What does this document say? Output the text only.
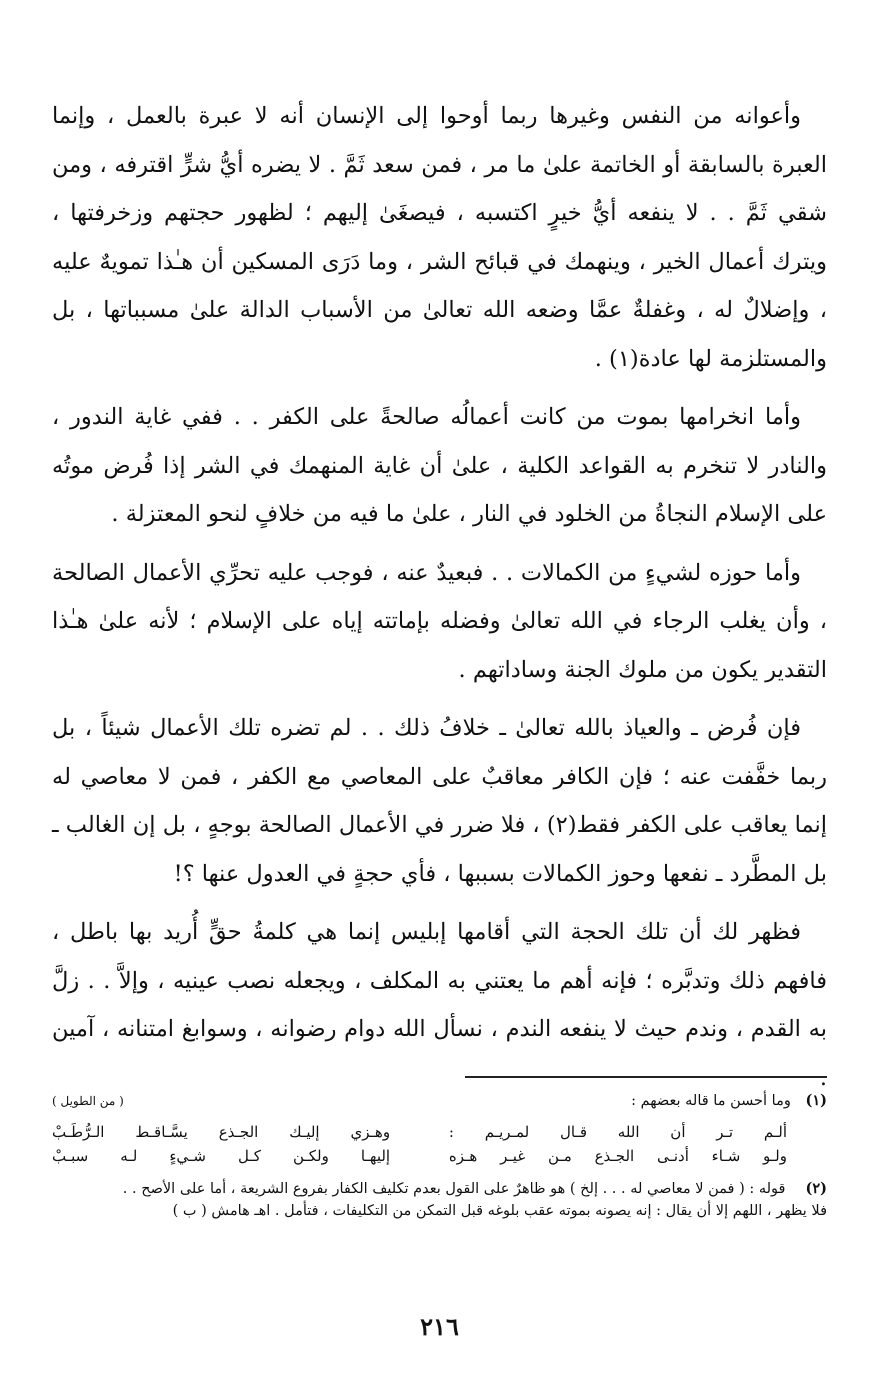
وأعوانه من النفس وغيرها ربما أوحوا إلى الإنسان أنه لا عبرة بالعمل ، وإنما العبرة بالسابقة أو الخاتمة علىٰ ما مر ، فمن سعد ثَمَّ . لا يضره أيُّ شرٍّ اقترفه ، ومن شقي ثَمَّ . . لا ينفعه أيُّ خيرٍ اكتسبه ، فيصغَىٰ إليهم ؛ لظهور حجتهم وزخرفتها ، ويترك أعمال الخير ، وينهمك في قبائح الشر ، وما دَرَى المسكين أن هـٰذا تمويهٌ عليه ، وإضلالٌ له ، وغفلةٌ عمَّا وضعه الله تعالىٰ من الأسباب الدالة علىٰ مسبباتها ، بل والمستلزمة لها عادة(١) .

وأما انخرامها بموت من كانت أعمالُه صالحةً على الكفر . . ففي غاية الندور ، والنادر لا تنخرم به القواعد الكلية ، علىٰ أن غاية المنهمك في الشر إذا فُرض موتُه على الإسلام النجاةُ من الخلود في النار ، علىٰ ما فيه من خلافٍ لنحو المعتزلة .

وأما حوزه لشيءٍ من الكمالات . . فبعيدٌ عنه ، فوجب عليه تحرِّي الأعمال الصالحة ، وأن يغلب الرجاء في الله تعالىٰ وفضله بإماتته إياه على الإسلام ؛ لأنه علىٰ هـٰذا التقدير يكون من ملوك الجنة وساداتهم .

فإن فُرض ـ والعياذ بالله تعالىٰ ـ خلافُ ذلك . . لم تضره تلك الأعمال شيئاً ، بل ربما خفَّفت عنه ؛ فإن الكافر معاقبٌ على المعاصي مع الكفر ، فمن لا معاصي له إنما يعاقب على الكفر فقط(٢) ، فلا ضرر في الأعمال الصالحة بوجهٍ ، بل إن الغالب ـ بل المطَّرد ـ نفعها وحوز الكمالات بسببها ، فأي حجةٍ في العدول عنها ؟!

فظهر لك أن تلك الحجة التي أقامها إبليس إنما هي كلمةُ حقٍّ أُريد بها باطل ، فافهم ذلك وتدبَّره ؛ فإنه أهم ما يعتني به المكلف ، ويجعله نصب عينيه ، وإلاَّ . . زلَّ به القدم ، وندم حيث لا ينفعه الندم ، نسأل الله دوام رضوانه ، وسوابغ امتنانه ، آمين .

(١) وما أحسن ما قاله بعضهم :
( من الطويل )
ألـم تـر أن الله قـال لمـريـم :
وهـزي إليـك الجـذع يسَّـاقـط الـرُّطَـبْ
ولـو شـاء أدنـى الجـذع مـن غيـر هـزه
إليهـا ولكـن كـل شـيءٍ لـه سبـبْ
(٢)
قوله : ( فمن لا معاصي له . . . إلخ ) هو ظاهرٌ على القول بعدم تكليف الكفار بفروع الشريعة ، أما على الأصح . .
فلا يظهر ، اللهم إلا أن يقال : إنه يصونه بموته عقب بلوغه قبل التمكن من التكليفات ، فتأمل . اهـ هامش ( ب )
٢١٦
